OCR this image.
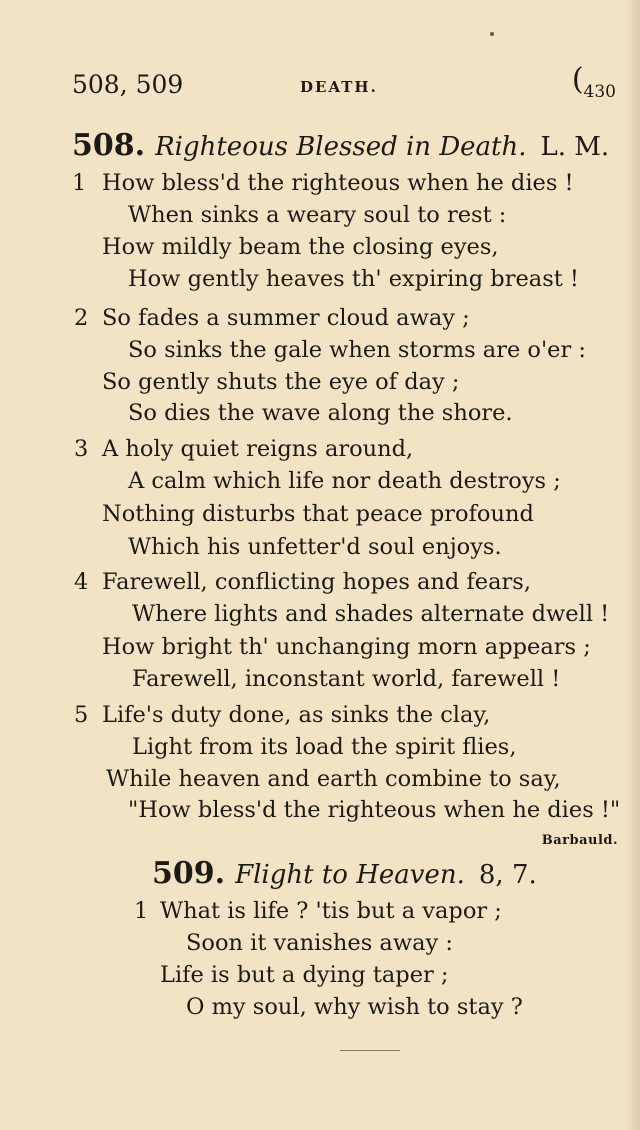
508, 509	DEATH.	(430
508. Righteous Blessed in Death. L. M.
1 How bless'd the righteous when he dies !
When sinks a weary soul to rest :
How mildly beam the closing eyes,
How gently heaves th' expiring breast !
2 So fades a summer cloud away ;
So sinks the gale when storms are o'er :
So gently shuts the eye of day ;
So dies the wave along the shore.
3 A holy quiet reigns around,
A calm which life nor death destroys ;
Nothing disturbs that peace profound
Which his unfetter'd soul enjoys.
4 Farewell, conflicting hopes and fears,
Where lights and shades alternate dwell !
How bright th' unchanging morn appears ;
Farewell, inconstant world, farewell !
5 Life's duty done, as sinks the clay,
Light from its load the spirit flies,
While heaven and earth combine to say,
"How bless'd the righteous when he dies !"
Barbauld.
509. Flight to Heaven. 8, 7.
1 What is life ? 'tis but a vapor ;
Soon it vanishes away :
Life is but a dying taper ;
O my soul, why wish to stay ?
